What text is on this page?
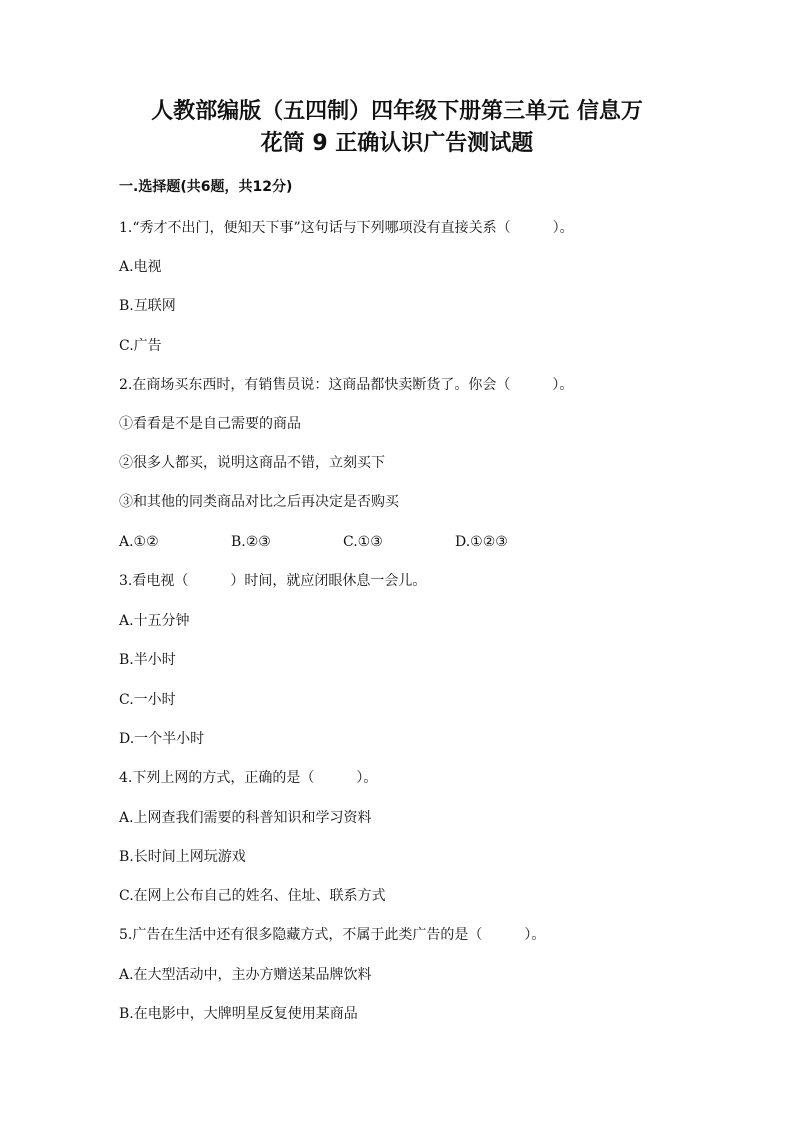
人教部编版（五四制）四年级下册第三单元 信息万
花筒 9 正确认识广告测试题

一.选择题(共6题，共12分)

1.“秀才不出门，便知天下事”这句话与下列哪项没有直接关系（　　　）。

A.电视

B.互联网

C.广告

2.在商场买东西时，有销售员说：这商品都快卖断货了。你会（　　　）。

①看看是不是自己需要的商品

②很多人都买，说明这商品不错，立刻买下

③和其他的同类商品对比之后再决定是否购买

A.①②	B.②③	C.①③	D.①②③

3.看电视（　　　）时间，就应闭眼休息一会儿。

A.十五分钟

B.半小时

C.一小时

D.一个半小时

4.下列上网的方式，正确的是（　　　）。

A.上网查我们需要的科普知识和学习资料

B.长时间上网玩游戏

C.在网上公布自己的姓名、住址、联系方式

5.广告在生活中还有很多隐藏方式，不属于此类广告的是（　　　）。

A.在大型活动中，主办方赠送某品牌饮料

B.在电影中，大牌明星反复使用某商品
